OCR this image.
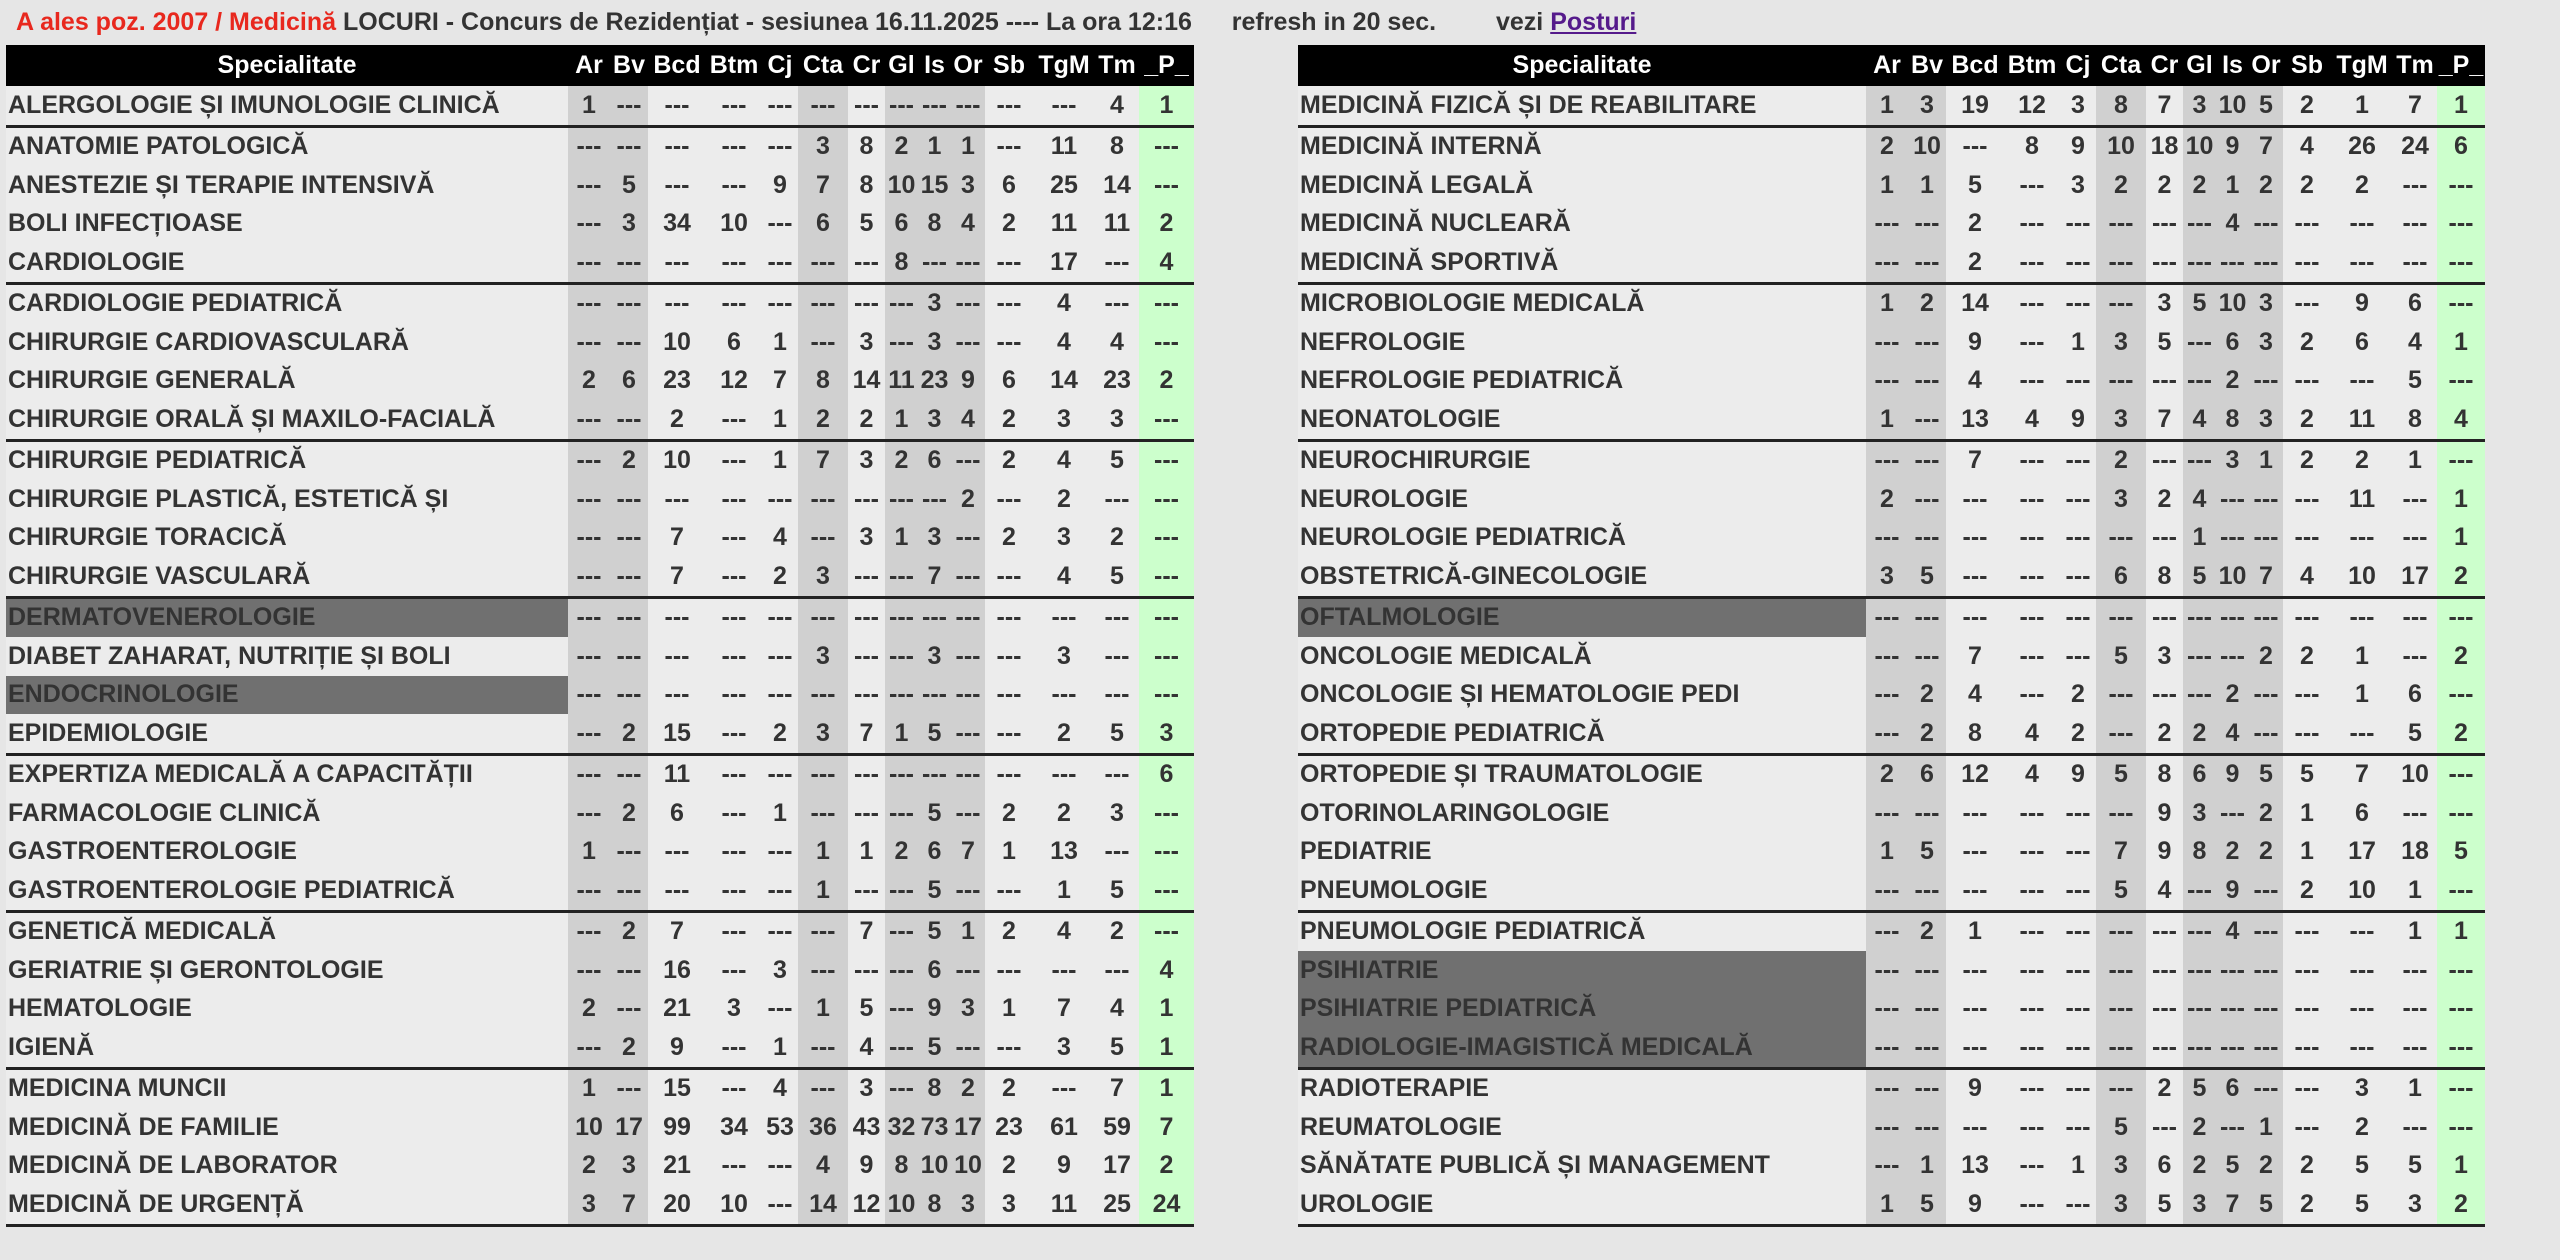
A ales poz. 2007 / Medicină LOCURI - Concurs de Rezidențiat - sesiunea 16.11.2025 ---- La ora 12:16 refresh in 20 sec. vezi Posturi
Specialitate	Ar	Bv	Bcd	Btm	Cj	Cta	Cr	Gl	Is	Or	Sb	TgM	Tm	_P_
ALERGOLOGIE ȘI IMUNOLOGIE CLINICĂ	1	---	---	---	---	---	---	---	---	---	---	---	4	1
ANATOMIE PATOLOGICĂ	---	---	---	---	---	3	8	2	1	1	---	11	8	---
ANESTEZIE ȘI TERAPIE INTENSIVĂ	---	5	---	---	9	7	8	10	15	3	6	25	14	---
BOLI INFECȚIOASE	---	3	34	10	---	6	5	6	8	4	2	11	11	2
CARDIOLOGIE	---	---	---	---	---	---	---	8	---	---	---	17	---	4
CARDIOLOGIE PEDIATRICĂ	---	---	---	---	---	---	---	---	3	---	---	4	---	---
CHIRURGIE CARDIOVASCULARĂ	---	---	10	6	1	---	3	---	3	---	---	4	4	---
CHIRURGIE GENERALĂ	2	6	23	12	7	8	14	11	23	9	6	14	23	2
CHIRURGIE ORALĂ ȘI MAXILO-FACIALĂ	---	---	2	---	1	2	2	1	3	4	2	3	3	---
CHIRURGIE PEDIATRICĂ	---	2	10	---	1	7	3	2	6	---	2	4	5	---
CHIRURGIE PLASTICĂ, ESTETICĂ ȘI	---	---	---	---	---	---	---	---	---	2	---	2	---	---
CHIRURGIE TORACICĂ	---	---	7	---	4	---	3	1	3	---	2	3	2	---
CHIRURGIE VASCULARĂ	---	---	7	---	2	3	---	---	7	---	---	4	5	---
DERMATOVENEROLOGIE	---	---	---	---	---	---	---	---	---	---	---	---	---	---
DIABET ZAHARAT, NUTRIȚIE ȘI BOLI	---	---	---	---	---	3	---	---	3	---	---	3	---	---
ENDOCRINOLOGIE	---	---	---	---	---	---	---	---	---	---	---	---	---	---
EPIDEMIOLOGIE	---	2	15	---	2	3	7	1	5	---	---	2	5	3
EXPERTIZA MEDICALĂ A CAPACITĂȚII	---	---	11	---	---	---	---	---	---	---	---	---	---	6
FARMACOLOGIE CLINICĂ	---	2	6	---	1	---	---	---	5	---	2	2	3	---
GASTROENTEROLOGIE	1	---	---	---	---	1	1	2	6	7	1	13	---	---
GASTROENTEROLOGIE PEDIATRICĂ	---	---	---	---	---	1	---	---	5	---	---	1	5	---
GENETICĂ MEDICALĂ	---	2	7	---	---	---	7	---	5	1	2	4	2	---
GERIATRIE ȘI GERONTOLOGIE	---	---	16	---	3	---	---	---	6	---	---	---	---	4
HEMATOLOGIE	2	---	21	3	---	1	5	---	9	3	1	7	4	1
IGIENĂ	---	2	9	---	1	---	4	---	5	---	---	3	5	1
MEDICINA MUNCII	1	---	15	---	4	---	3	---	8	2	2	---	7	1
MEDICINĂ DE FAMILIE	10	17	99	34	53	36	43	32	73	17	23	61	59	7
MEDICINĂ DE LABORATOR	2	3	21	---	---	4	9	8	10	10	2	9	17	2
MEDICINĂ DE URGENȚĂ	3	7	20	10	---	14	12	10	8	3	3	11	25	24
Specialitate	Ar	Bv	Bcd	Btm	Cj	Cta	Cr	Gl	Is	Or	Sb	TgM	Tm	_P_
MEDICINĂ FIZICĂ ȘI DE REABILITARE	1	3	19	12	3	8	7	3	10	5	2	1	7	1
MEDICINĂ INTERNĂ	2	10	---	8	9	10	18	10	9	7	4	26	24	6
MEDICINĂ LEGALĂ	1	1	5	---	3	2	2	2	1	2	2	2	---	---
MEDICINĂ NUCLEARĂ	---	---	2	---	---	---	---	---	4	---	---	---	---	---
MEDICINĂ SPORTIVĂ	---	---	2	---	---	---	---	---	---	---	---	---	---	---
MICROBIOLOGIE MEDICALĂ	1	2	14	---	---	---	3	5	10	3	---	9	6	---
NEFROLOGIE	---	---	9	---	1	3	5	---	6	3	2	6	4	1
NEFROLOGIE PEDIATRICĂ	---	---	4	---	---	---	---	---	2	---	---	---	5	---
NEONATOLOGIE	1	---	13	4	9	3	7	4	8	3	2	11	8	4
NEUROCHIRURGIE	---	---	7	---	---	2	---	---	3	1	2	2	1	---
NEUROLOGIE	2	---	---	---	---	3	2	4	---	---	---	11	---	1
NEUROLOGIE PEDIATRICĂ	---	---	---	---	---	---	---	1	---	---	---	---	---	1
OBSTETRICĂ-GINECOLOGIE	3	5	---	---	---	6	8	5	10	7	4	10	17	2
OFTALMOLOGIE	---	---	---	---	---	---	---	---	---	---	---	---	---	---
ONCOLOGIE MEDICALĂ	---	---	7	---	---	5	3	---	---	2	2	1	---	2
ONCOLOGIE ȘI HEMATOLOGIE PEDI	---	2	4	---	2	---	---	---	2	---	---	1	6	---
ORTOPEDIE PEDIATRICĂ	---	2	8	4	2	---	2	2	4	---	---	---	5	2
ORTOPEDIE ȘI TRAUMATOLOGIE	2	6	12	4	9	5	8	6	9	5	5	7	10	---
OTORINOLARINGOLOGIE	---	---	---	---	---	---	9	3	---	2	1	6	---	---
PEDIATRIE	1	5	---	---	---	7	9	8	2	2	1	17	18	5
PNEUMOLOGIE	---	---	---	---	---	5	4	---	9	---	2	10	1	---
PNEUMOLOGIE PEDIATRICĂ	---	2	1	---	---	---	---	---	4	---	---	---	1	1
PSIHIATRIE	---	---	---	---	---	---	---	---	---	---	---	---	---	---
PSIHIATRIE PEDIATRICĂ	---	---	---	---	---	---	---	---	---	---	---	---	---	---
RADIOLOGIE-IMAGISTICĂ MEDICALĂ	---	---	---	---	---	---	---	---	---	---	---	---	---	---
RADIOTERAPIE	---	---	9	---	---	---	2	5	6	---	---	3	1	---
REUMATOLOGIE	---	---	---	---	---	5	---	2	---	1	---	2	---	---
SĂNĂTATE PUBLICĂ ȘI MANAGEMENT	---	1	13	---	1	3	6	2	5	2	2	5	5	1
UROLOGIE	1	5	9	---	---	3	5	3	7	5	2	5	3	2
